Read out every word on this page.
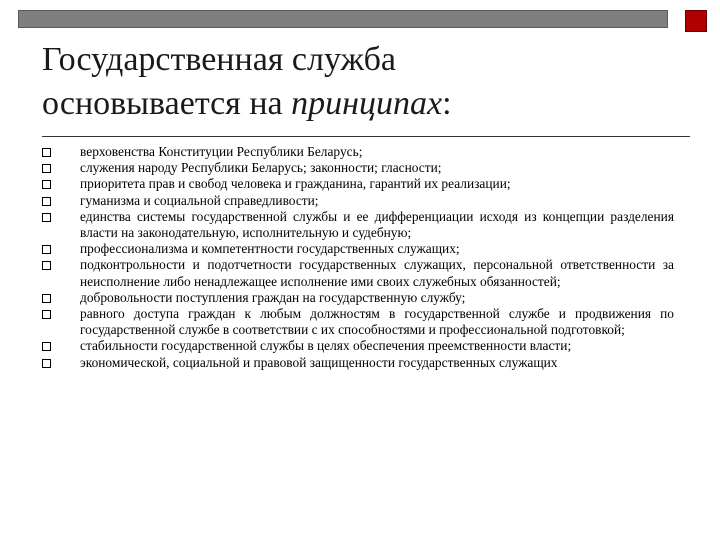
Государственная служба
основывается на принципах:
верховенства Конституции Республики Беларусь;
служения народу Республики Беларусь; законности; гласности;
приоритета прав и свобод человека и гражданина, гарантий их реализации;
гуманизма и социальной справедливости;
единства системы государственной службы и ее дифференциации исходя из концепции разделения власти на законодательную, исполнительную и судебную;
профессионализма и компетентности государственных служащих;
подконтрольности и подотчетности государственных служащих, персональной ответственности за неисполнение либо ненадлежащее исполнение ими своих служебных обязанностей;
добровольности поступления граждан на государственную службу;
равного доступа граждан к любым должностям в государственной службе и продвижения по государственной службе в соответствии с их способностями и профессиональной подготовкой;
стабильности государственной службы в целях обеспечения преемственности власти;
экономической, социальной и правовой защищенности государственных служащих
